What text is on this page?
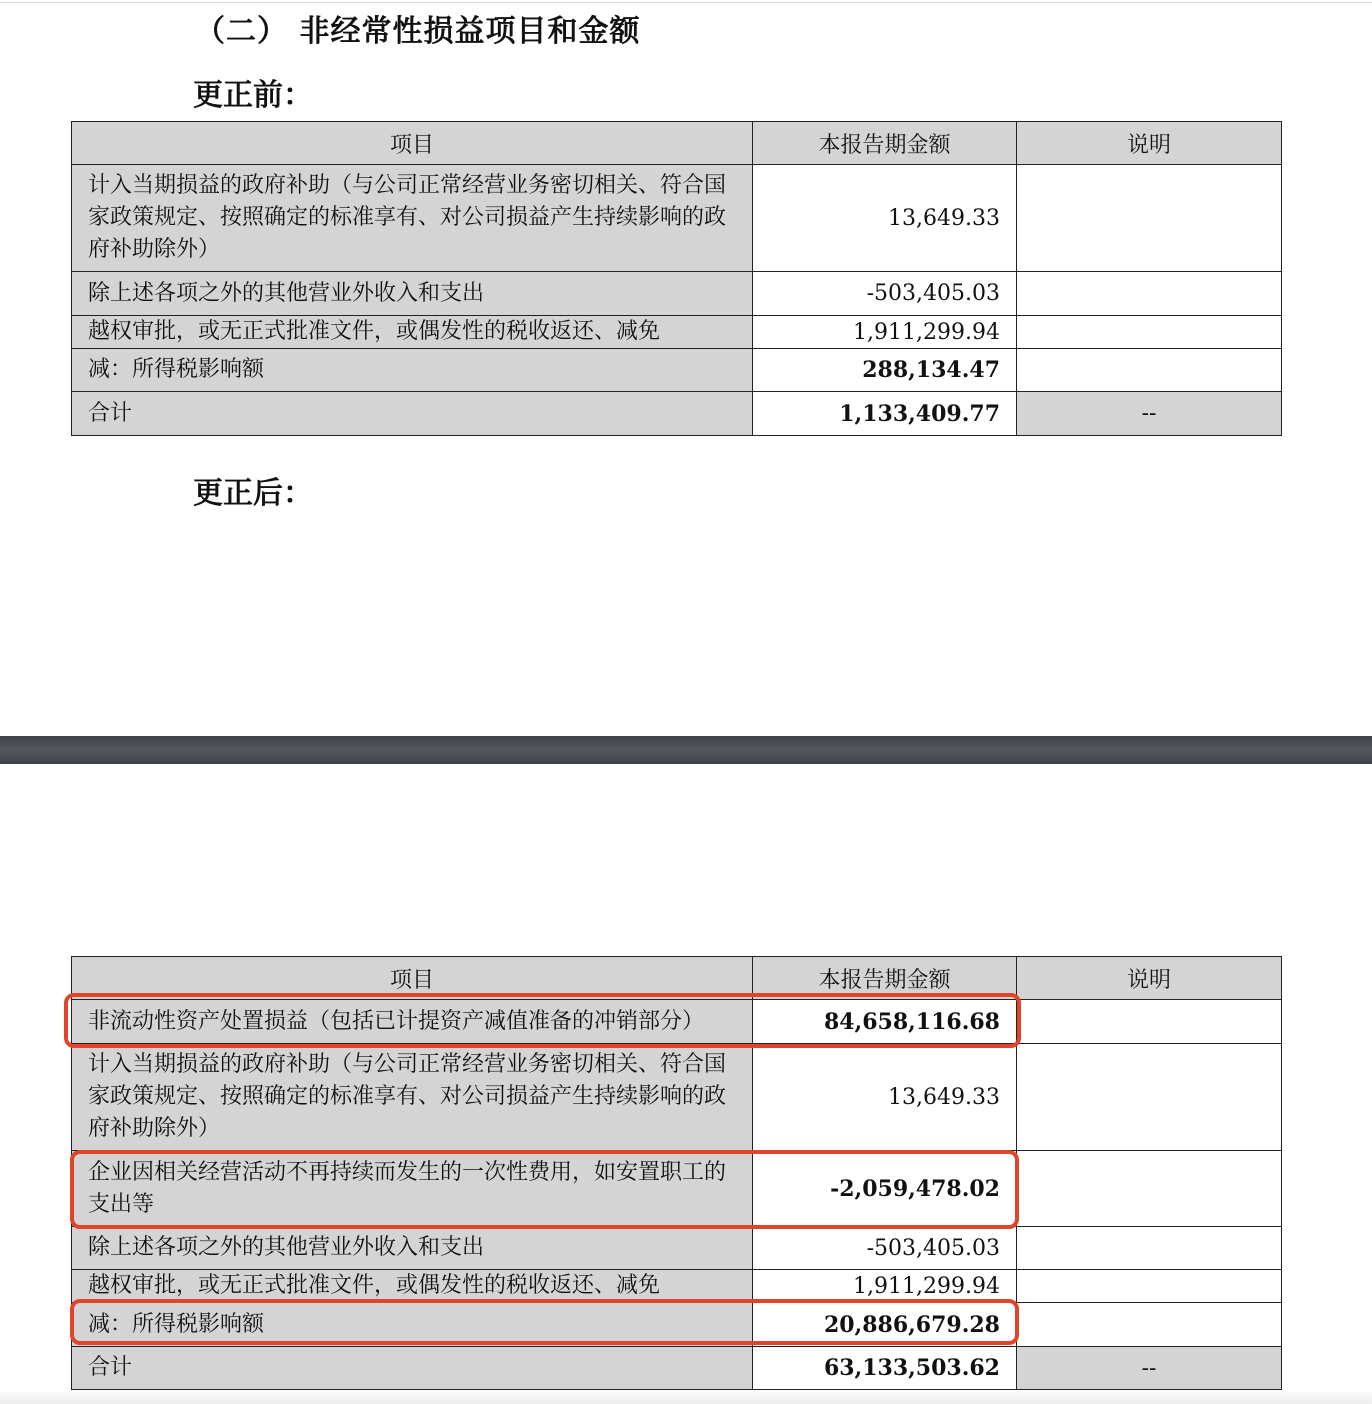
（二） 非经常性损益项目和金额
更正前：
项目	本报告期金额	说明
计入当期损益的政府补助（与公司正常经营业务密切相关、符合国家政策规定、按照确定的标准享有、对公司损益产生持续影响的政府补助除外）	13,649.33	
除上述各项之外的其他营业外收入和支出	-503,405.03	
越权审批，或无正式批准文件，或偶发性的税收返还、减免	1,911,299.94	
减：所得税影响额	288,134.47	
合计	1,133,409.77	--
更正后：
项目	本报告期金额	说明
非流动性资产处置损益（包括已计提资产减值准备的冲销部分）	84,658,116.68	
计入当期损益的政府补助（与公司正常经营业务密切相关、符合国家政策规定、按照确定的标准享有、对公司损益产生持续影响的政府补助除外）	13,649.33	
企业因相关经营活动不再持续而发生的一次性费用，如安置职工的支出等	-2,059,478.02	
除上述各项之外的其他营业外收入和支出	-503,405.03	
越权审批，或无正式批准文件，或偶发性的税收返还、减免	1,911,299.94	
减：所得税影响额	20,886,679.28	
合计	63,133,503.62	--
